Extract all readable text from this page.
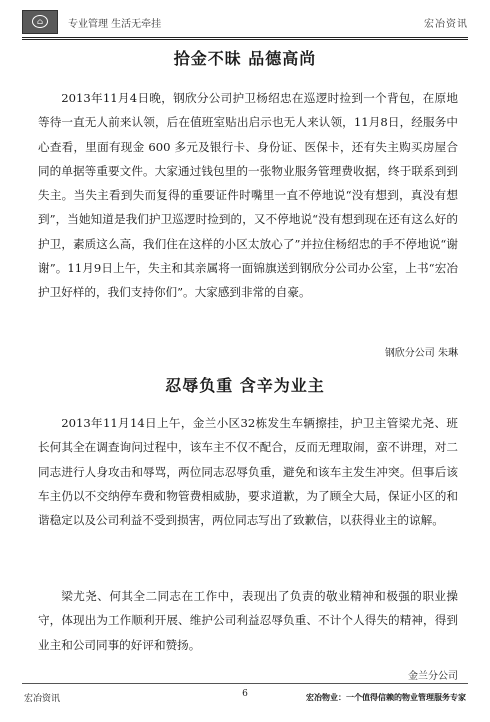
⌂	专业管理 生活无牵挂	宏冶资讯
拾金不昧 品德高尚

2013年11月4日晚，钢欣分公司护卫杨绍忠在巡逻时捡到一个背包，在原地等待一直无人前来认领，后在值班室贴出启示也无人来认领，11月8日，经服务中心查看，里面有现金 600 多元及银行卡、身份证、医保卡，还有失主购买房屋合同的单据等重要文件。大家通过钱包里的一张物业服务管理费收据，终于联系到到失主。当失主看到失而复得的重要证件时嘴里一直不停地说“没有想到，真没有想到”，当她知道是我们护卫巡逻时捡到的，又不停地说“没有想到现在还有这么好的护卫，素质这么高，我们住在这样的小区太放心了”并拉住杨绍忠的手不停地说“谢谢”。11月9日上午，失主和其亲属将一面锦旗送到钢欣分公司办公室，上书“宏冶护卫好样的，我们支持你们”。大家感到非常的自豪。

钢欣分公司 朱琳
忍辱负重 含辛为业主

2013年11月14日上午，金兰小区32栋发生车辆擦挂，护卫主管梁尤尧、班长何其全在调查询问过程中，该车主不仅不配合，反而无理取闹，蛮不讲理，对二同志进行人身攻击和辱骂，两位同志忍辱负重，避免和该车主发生冲突。但事后该车主仍以不交纳停车费和物管费相威胁，要求道歉，为了顾全大局，保证小区的和谐稳定以及公司利益不受到损害，两位同志写出了致歉信，以获得业主的谅解。

梁尤尧、何其全二同志在工作中，表现出了负责的敬业精神和极强的职业操守，体现出为工作顺利开展、维护公司利益忍辱负重、不计个人得失的精神，得到业主和公司同事的好评和赞扬。

金兰分公司
宏冶资讯	6	宏冶物业：一个值得信赖的物业管理服务专家
